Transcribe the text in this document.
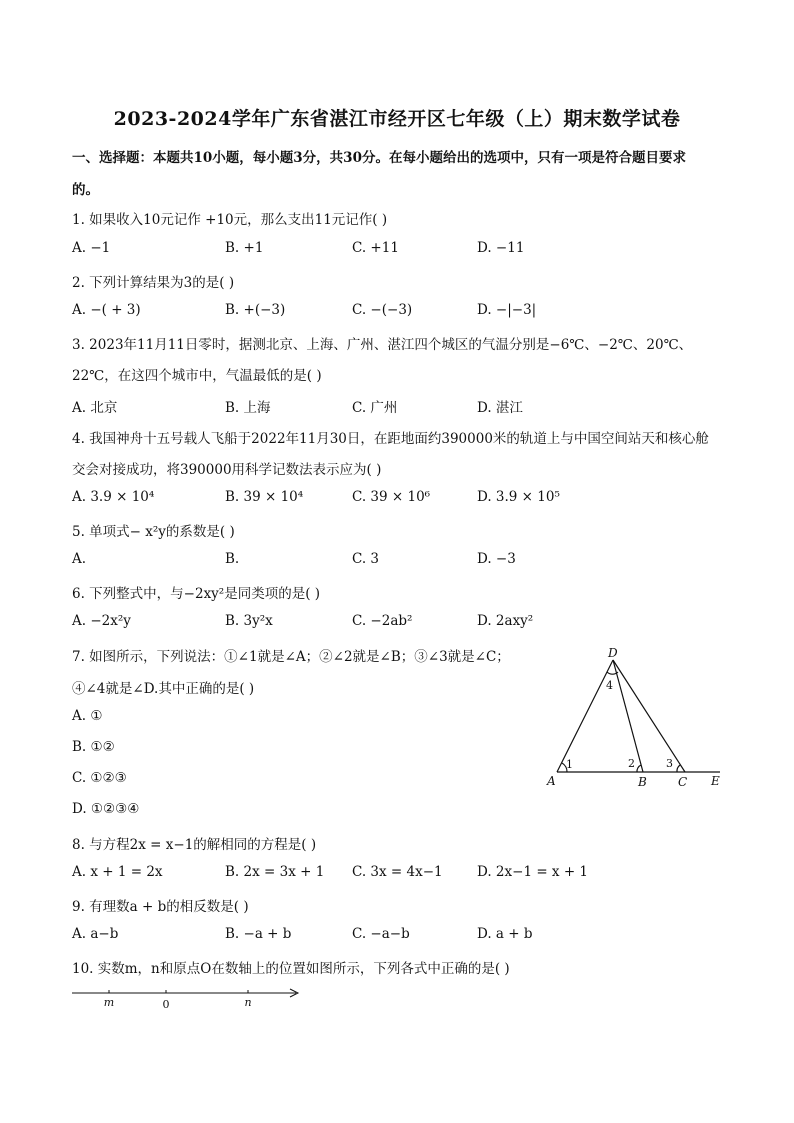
2023-2024学年广东省湛江市经开区七年级（上）期末数学试卷
一、选择题：本题共10小题，每小题3分，共30分。在每小题给出的选项中，只有一项是符合题目要求
的。
1. 如果收入10元记作 +10元，那么支出11元记作( )
A. −1	B. +1	C. +11	D. −11
2. 下列计算结果为3的是( )
A. −( + 3)	B. +(−3)	C. −(−3)	D. −|−3|
3. 2023年11月11日零时，据测北京、上海、广州、湛江四个城区的气温分别是−6℃、−2℃、20℃、
22℃，在这四个城市中，气温最低的是( )
A. 北京	B. 上海	C. 广州	D. 湛江
4. 我国神舟十五号载人飞船于2022年11月30日，在距地面约390000米的轨道上与中国空间站天和核心舱
交会对接成功，将390000用科学记数法表示应为( )
A. 3.9 × 10⁴	B. 39 × 10⁴	C. 39 × 10⁶	D. 3.9 × 10⁵
5. 单项式− x²y的系数是( )
A.	B.	C. 3	D. −3
6. 下列整式中，与−2xy²是同类项的是( )
A. −2x²y	B. 3y²x	C. −2ab²	D. 2axy²
7. 如图所示，下列说法：①∠1就是∠A；②∠2就是∠B；③∠3就是∠C；
④∠4就是∠D.其中正确的是( )
A. ①
B. ①②
C. ①②③
D. ①②③④
D
A	B	C E
1	2	3
4
8. 与方程2x = x−1的解相同的方程是( )
A. x + 1 = 2x	B. 2x = 3x + 1 C. 3x = 4x−1	D. 2x−1 = x + 1
9. 有理数a + b的相反数是( )
A. a−b	B. −a + b	C. −a−b	D. a + b
10. 实数m，n和原点O在数轴上的位置如图所示，下列各式中正确的是( )
m	0	n
